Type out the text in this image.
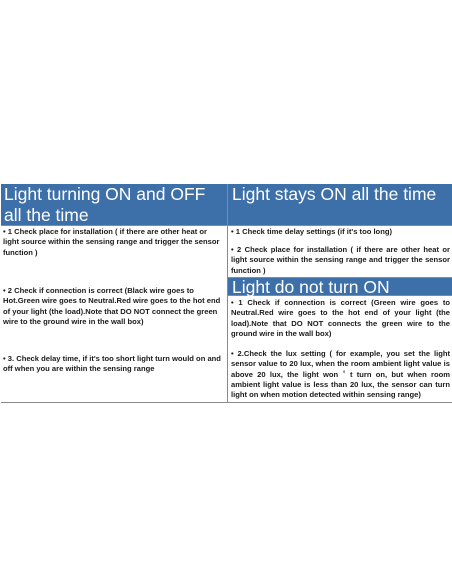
Light turning ON and OFF all the time
• 1 Check place for installation ( if there are other heat or light source within the sensing range and trigger the sensor function )
• 2 Check if connection is correct (Black wire goes to Hot.Green wire goes to Neutral.Red wire goes to the hot end of your light (the load).Note that DO NOT connect the green wire to the ground wire in the wall box)
• 3. Check delay time, if it's too short light turn would on and off when you are within the sensing range
Light stays ON all the time
• 1 Check time delay settings (if it's too long)
• 2 Check place for installation ( if there are other heat or light source within the sensing range and trigger the sensor function )
Light do not turn ON
• 1 Check if connection is correct (Green wire goes to Neutral.Red wire goes to the hot end of your light (the load).Note that DO NOT connects the green wire to the ground wire in the wall box)
• 2.Check the lux setting ( for example, you set the light sensor value to 20 lux, when the room ambient light value is above 20 lux, the light won＇t turn on, but when room ambient light value is less than 20 lux, the sensor can turn light on when motion detected within sensing range)
